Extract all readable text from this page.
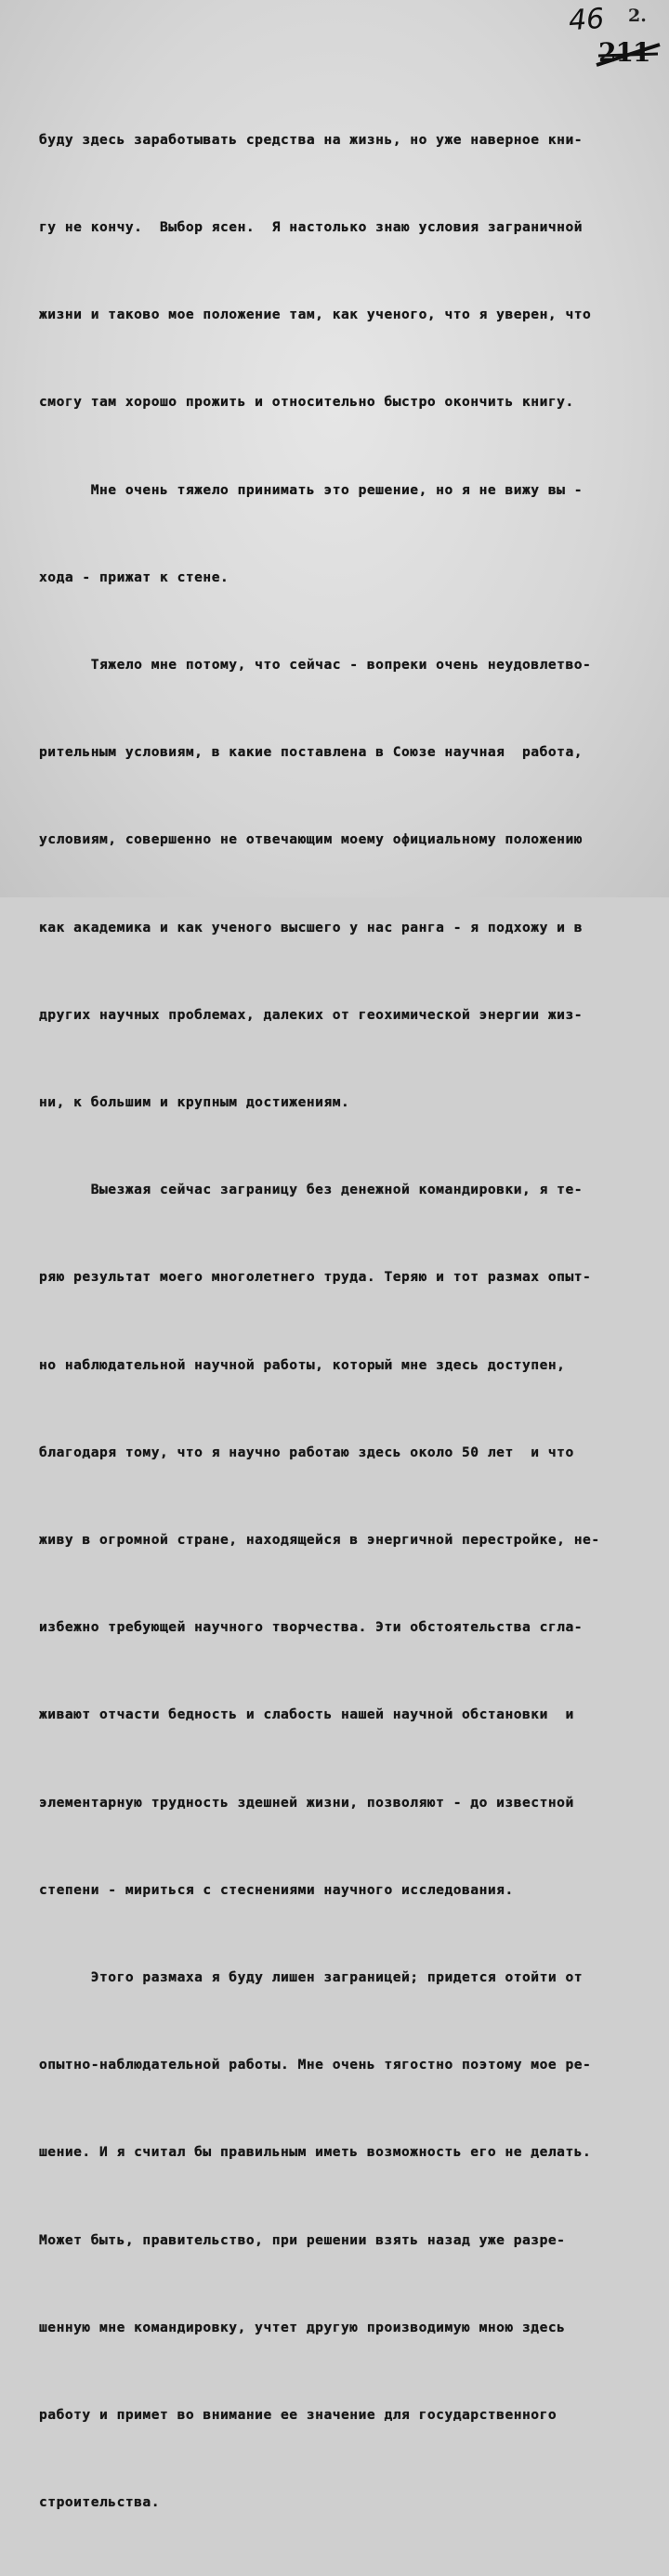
46 2.
211

буду здесь заработывать средства на жизнь, но уже наверное кни-

гу не кончу.  Выбор ясен.  Я настолько знаю условия заграничной

жизни и таково мое положение там, как ученого, что я уверен, что

смогу там хорошо прожить и относительно быстро окончить книгу.

Мне очень тяжело принимать это решение, но я не вижу вы -

хода - прижат к стене.

Тяжело мне потому, что сейчас - вопреки очень неудовлетво-

рительным условиям, в какие поставлена в Союзе научная  работа,

условиям, совершенно не отвечающим моему официальному положению

как академика и как ученого высшего у нас ранга - я подхожу и в

других научных проблемах, далеких от геохимической энергии жиз-

ни, к большим и крупным достижениям.

Выезжая сейчас заграницу без денежной командировки, я те-

ряю результат моего многолетнего труда. Теряю и тот размах опыт-

но наблюдательной научной работы, который мне здесь доступен,

благодаря тому, что я научно работаю здесь около 50 лет  и что

живу в огромной стране, находящейся в энергичной перестройке, не-

избежно требующей научного творчества. Эти обстоятельства сгла-

живают отчасти бедность и слабость нашей научной обстановки  и

элементарную трудность здешней жизни, позволяют - до известной

степени - мириться с стеснениями научного исследования.

Этого размаха я буду лишен заграницей; придется отойти от

опытно-наблюдательной работы. Мне очень тягостно поэтому мое ре-

шение. И я считал бы правильным иметь возможность его не делать.

Может быть, правительство, при решении взять назад уже разре-

шенную мне командировку, учтет другую производимую мною здесь

работу и примет во внимание ее значение для государственного

строительства.
